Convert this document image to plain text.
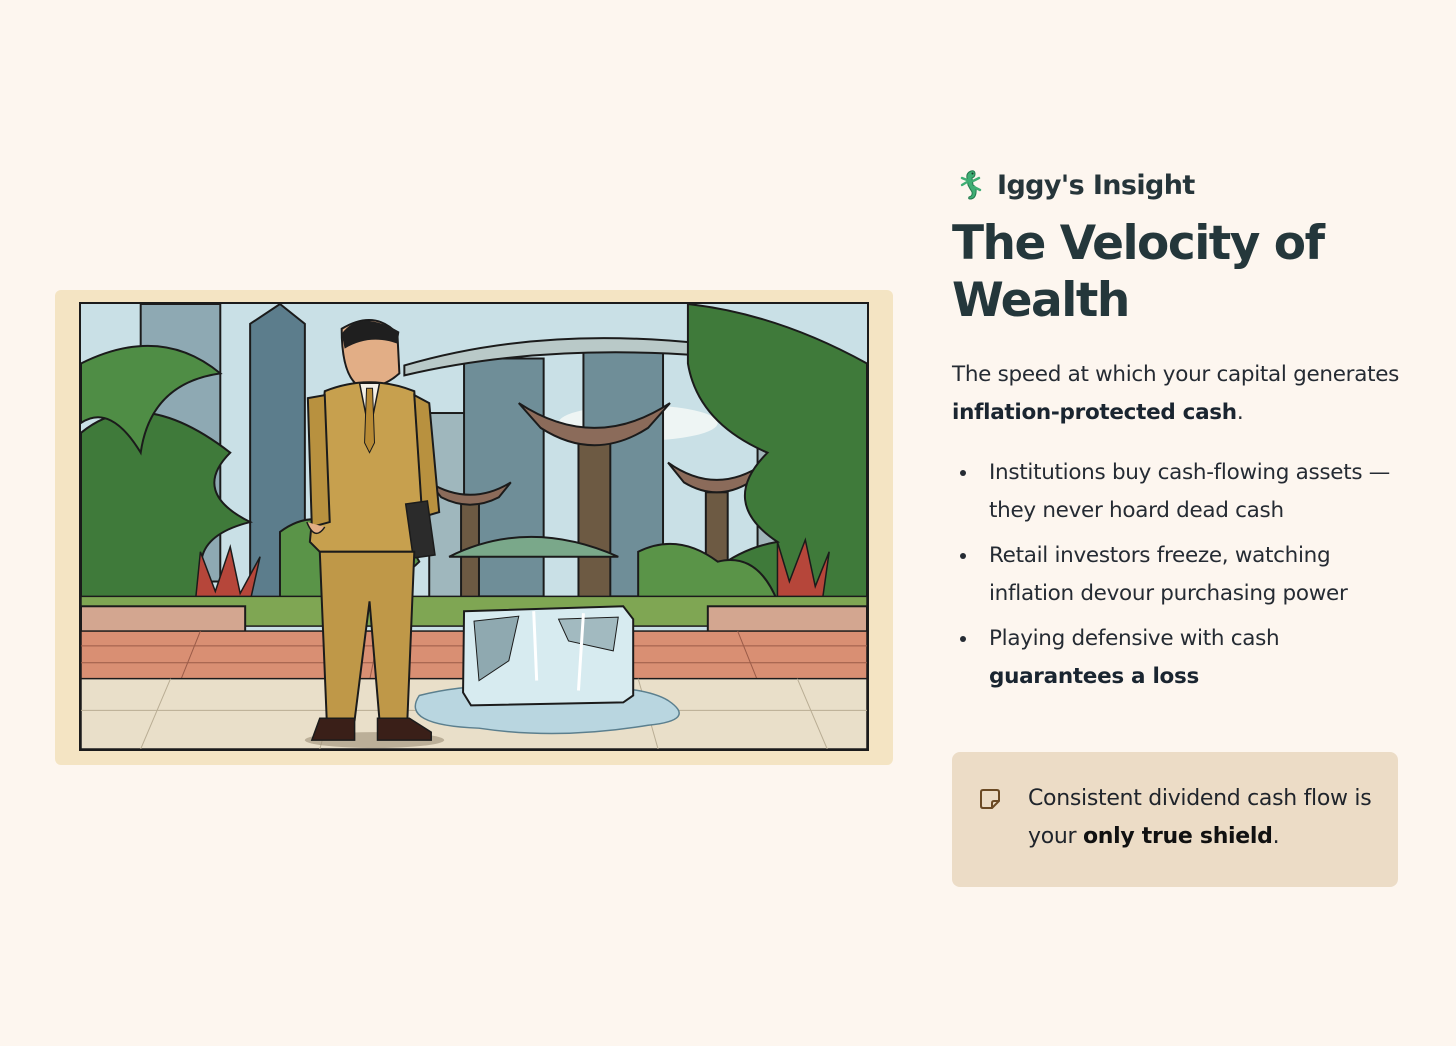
Iggy's Insight
The Velocity of Wealth

The speed at which your capital generates inflation-protected cash.

Institutions buy cash-flowing assets — they never hoard dead cash
Retail investors freeze, watching inflation devour purchasing power
Playing defensive with cash guarantees a loss
Consistent dividend cash flow is your only true shield.
